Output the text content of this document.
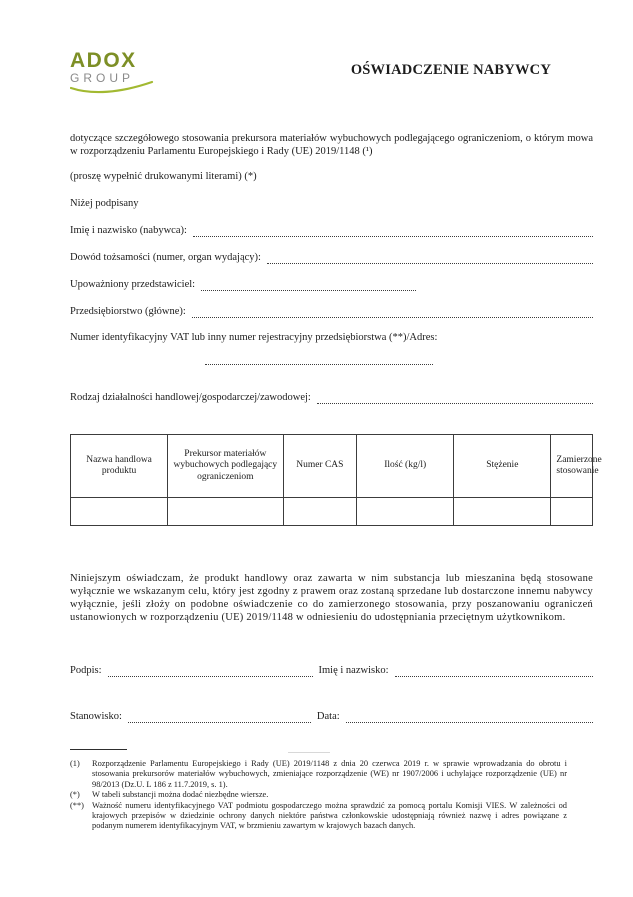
ADOX
GROUP	OŚWIADCZENIE NABYWCY

dotyczące szczegółowego stosowania prekursora materiałów wybuchowych podlegającego ograniczeniom, o którym mowa w rozporządzeniu Parlamentu Europejskiego i Rady (UE) 2019/1148 (¹)

(proszę wypełnić drukowanymi literami) (*)

Niżej podpisany

Imię i nazwisko (nabywca):
Dowód tożsamości (numer, organ wydający):
Upoważniony przedstawiciel:
Przedsiębiorstwo (główne):

Numer identyfikacyjny VAT lub inny numer rejestracyjny przedsiębiorstwa (**)/Adres:

Rodzaj działalności handlowej/gospodarczej/zawodowej:
Nazwa handlowa produktu	Prekursor materiałów wybuchowych podlegający ograniczeniom	Numer CAS	Ilość (kg/l)	Stężenie	Zamierzone stosowanie

Niniejszym oświadczam, że produkt handlowy oraz zawarta w nim substancja lub mieszanina będą stosowane wyłącznie we wskazanym celu, który jest zgodny z prawem oraz zostaną sprzedane lub dostarczone innemu nabywcy wyłącznie, jeśli złoży on podobne oświadczenie co do zamierzonego stosowania, przy poszanowaniu ograniczeń ustanowionych w rozporządzeniu (UE) 2019/1148 w odniesieniu do udostępniania przeciętnym użytkownikom.

Podpis:	Imię i nazwisko:
Stanowisko:	Data:
(1)	Rozporządzenie Parlamentu Europejskiego i Rady (UE) 2019/1148 z dnia 20 czerwca 2019 r. w sprawie wprowadzania do obrotu i stosowania prekursorów materiałów wybuchowych, zmieniające rozporządzenie (WE) nr 1907/2006 i uchylające rozporządzenie (UE) nr 98/2013 (Dz.U. L 186 z 11.7.2019, s. 1).
(*)	W tabeli substancji można dodać niezbędne wiersze.
(**) Ważność numeru identyfikacyjnego VAT podmiotu gospodarczego można sprawdzić za pomocą portalu Komisji VIES. W zależności od krajowych przepisów w dziedzinie ochrony danych niektóre państwa członkowskie udostępniają również nazwę i adres powiązane z podanym numerem identyfikacyjnym VAT, w brzmieniu zawartym w krajowych bazach danych.
